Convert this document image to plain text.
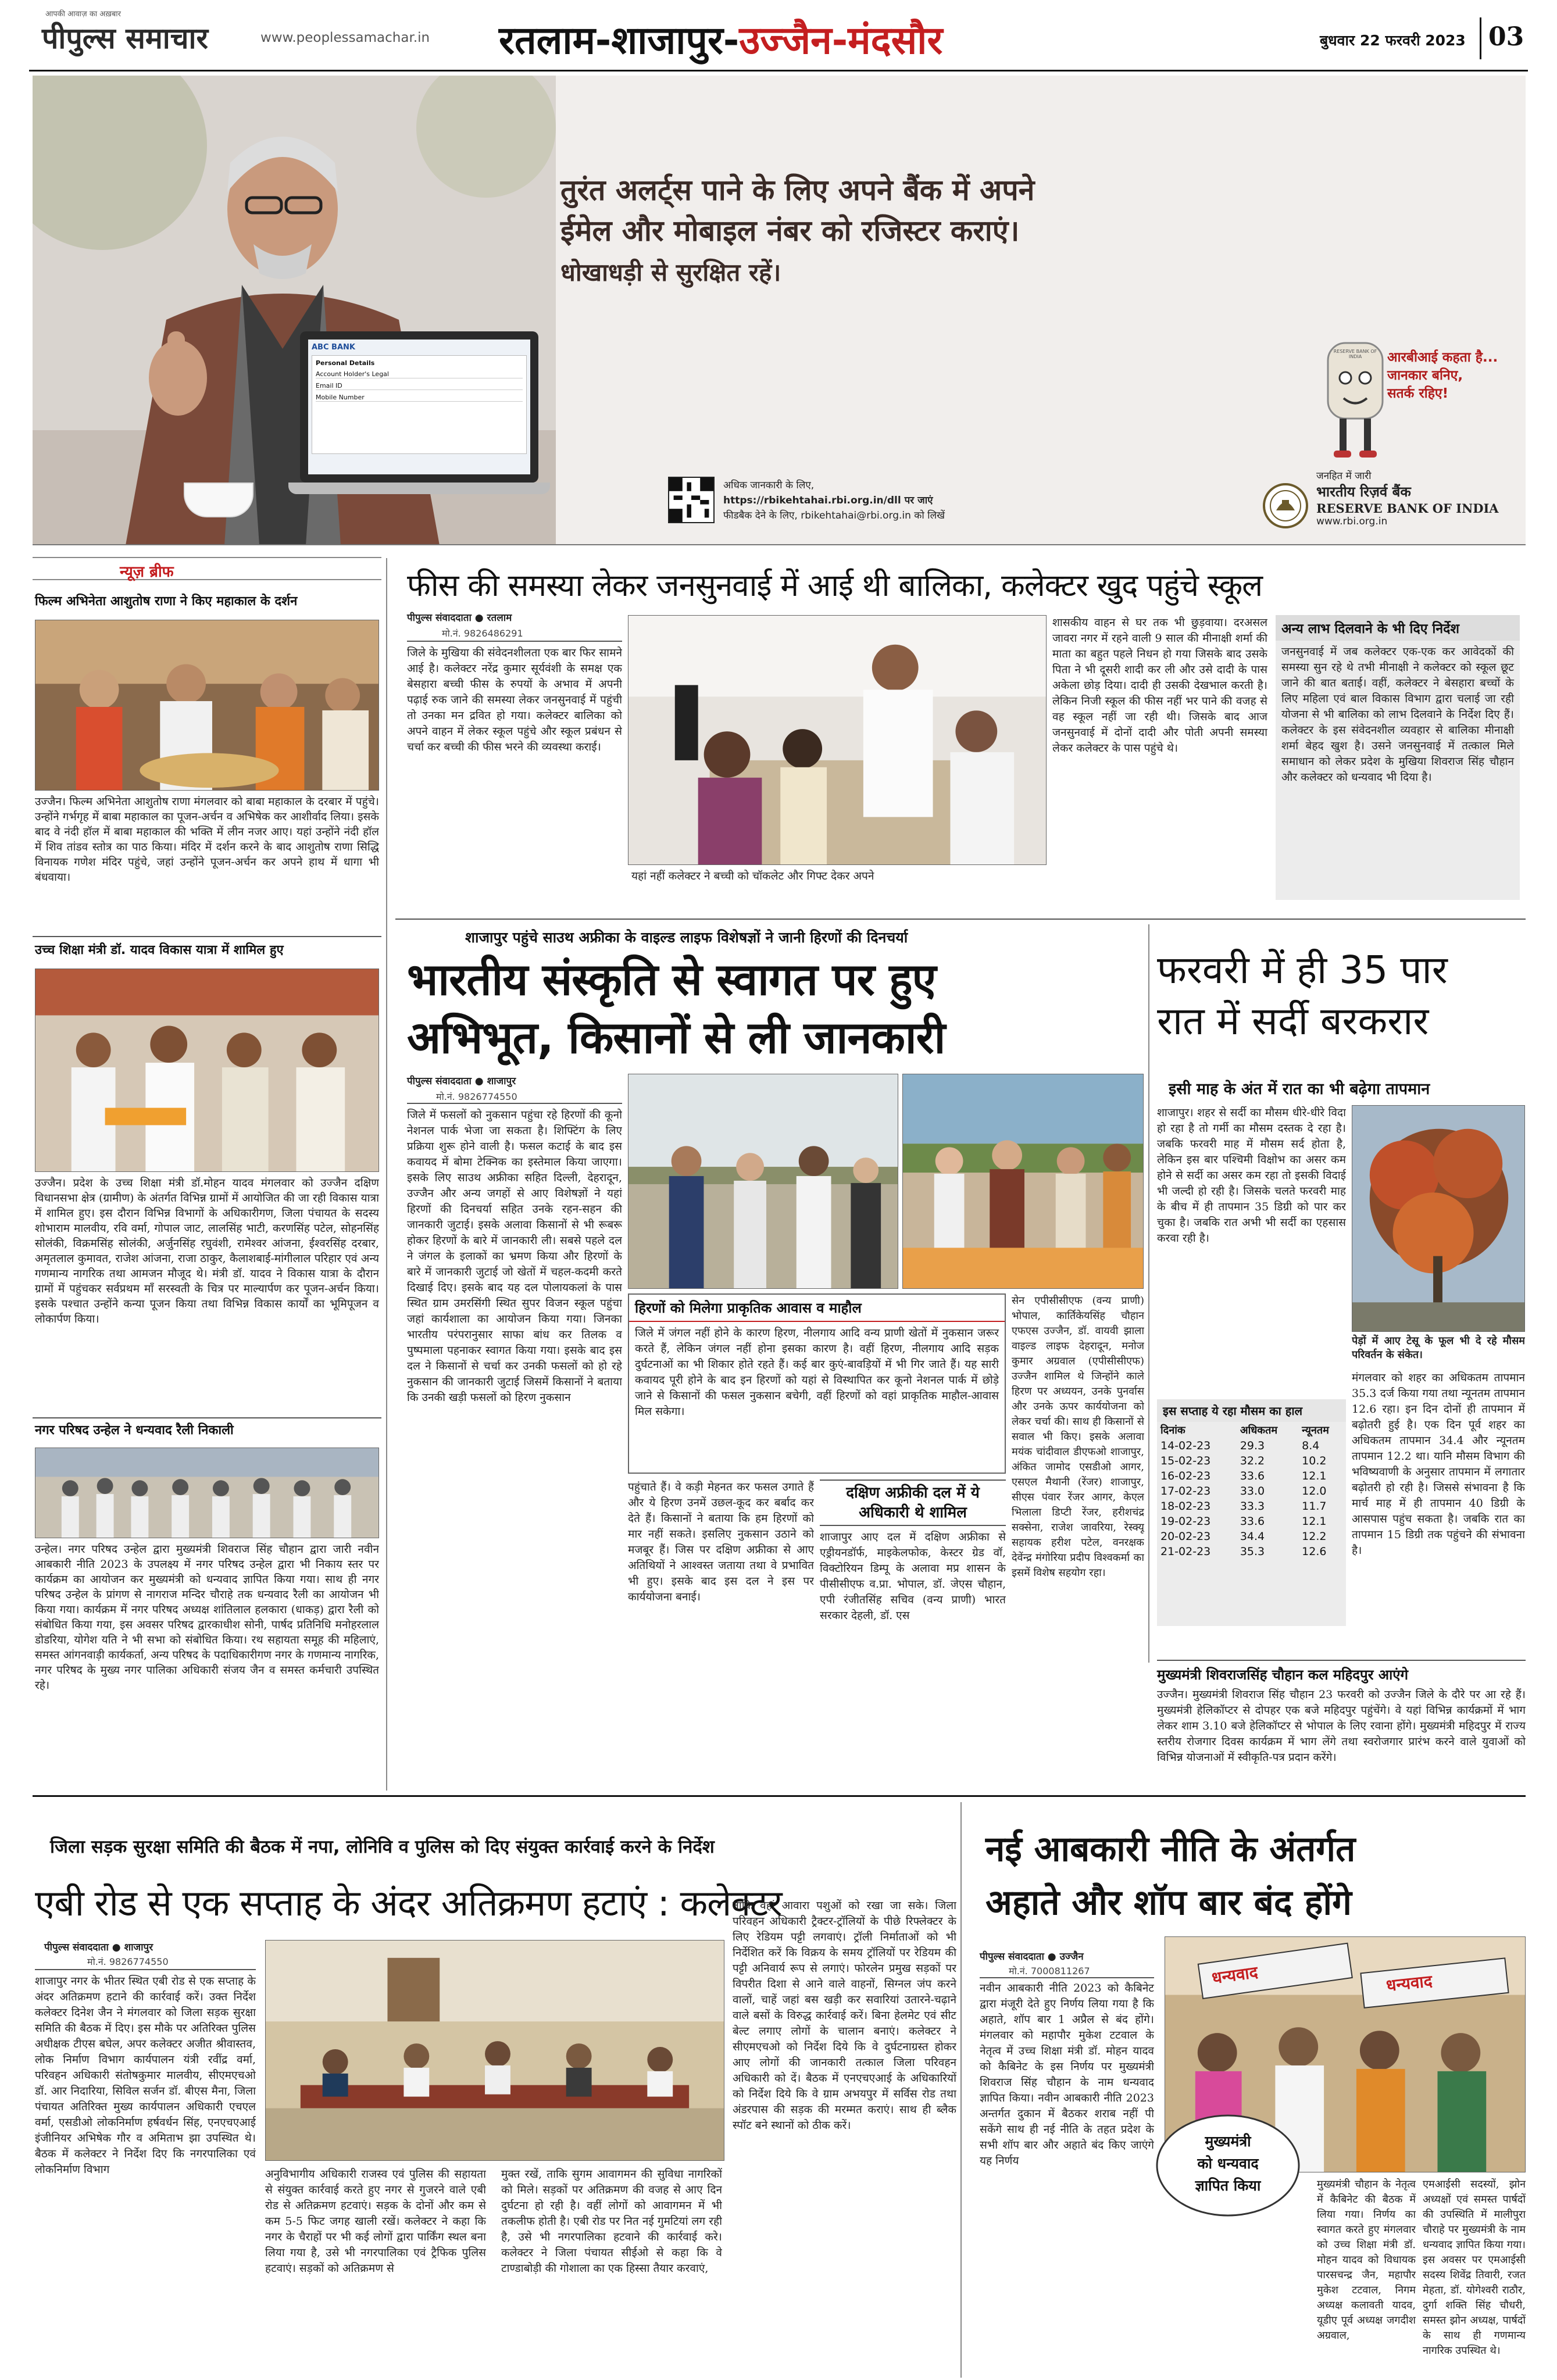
आपकी आवाज़ का अख़बार
पीपुल्स समाचार	www.peoplessamachar.in रतलाम-शाजापुर-उज्जैन-मंदसौर	बुधवार 22 फरवरी 2023 03
ABC BANK
Personal Details
Account Holder's Legal
Email ID
Mobile Number
तुरंत अलर्ट्स पाने के लिए अपने बैंक में अपने
ईमेल और मोबाइल नंबर को रजिस्टर कराएं।
धोखाधड़ी से सुरक्षित रहें।
RESERVE BANK OF INDIA	आरबीआई कहता है...
जानकार बनिए,
सतर्क रहिए!
अधिक जानकारी के लिए,
https://rbikehtahai.rbi.org.in/dll पर जाएं
फीडबैक देने के लिए, rbikehtahai@rbi.org.in को लिखें
जनहित में जारी
भारतीय रिज़र्व बैंक
RESERVE BANK OF INDIA
www.rbi.org.in
न्यूज़ ब्रीफ
फिल्म अभिनेता आशुतोष राणा ने किए महाकाल के दर्शन
उज्जैन। फिल्म अभिनेता आशुतोष राणा मंगलवार को बाबा महाकाल के दरबार में पहुंचे। उन्होंने गर्भगृह में बाबा महाकाल का पूजन-अर्चन व अभिषेक कर आशीर्वाद लिया। इसके बाद वे नंदी हॉल में बाबा महाकाल की भक्ति में लीन नजर आए। यहां उन्होंने नंदी हॉल में शिव तांडव स्तोत्र का पाठ किया। मंदिर में दर्शन करने के बाद आशुतोष राणा सिद्धि विनायक गणेश मंदिर पहुंचे, जहां उन्होंने पूजन-अर्चन कर अपने हाथ में धागा भी बंधवाया।
उच्च शिक्षा मंत्री डॉ. यादव विकास यात्रा में शामिल हुए
उज्जैन। प्रदेश के उच्च शिक्षा मंत्री डॉ.मोहन यादव मंगलवार को उज्जैन दक्षिण विधानसभा क्षेत्र (ग्रामीण) के अंतर्गत विभिन्न ग्रामों में आयोजित की जा रही विकास यात्रा में शामिल हुए। इस दौरान विभिन्न विभागों के अधिकारीगण, जिला पंचायत के सदस्य शोभाराम मालवीय, रवि वर्मा, गोपाल जाट, लालसिंह भाटी, करणसिंह पटेल, सोहनसिंह सोलंकी, विक्रमसिंह सोलंकी, अर्जुनसिंह रघुवंशी, रामेश्वर आंजना, ईश्वरसिंह दरबार, अमृतलाल कुमावत, राजेश आंजना, राजा ठाकुर, कैलाशबाई-मांगीलाल परिहार एवं अन्य गणमान्य नागरिक तथा आमजन मौजूद थे। मंत्री डॉ. यादव ने विकास यात्रा के दौरान ग्रामों में पहुंचकर सर्वप्रथम माँ सरस्वती के चित्र पर माल्यार्पण कर पूजन-अर्चन किया। इसके पश्चात उन्होंने कन्या पूजन किया तथा विभिन्न विकास कार्यों का भूमिपूजन व लोकार्पण किया।
नगर परिषद उन्हेल ने धन्यवाद रैली निकाली
उन्हेल। नगर परिषद उन्हेल द्वारा मुख्यमंत्री शिवराज सिंह चौहान द्वारा जारी नवीन आबकारी नीति 2023 के उपलक्ष्य में नगर परिषद उन्हेल द्वारा भी निकाय स्तर पर कार्यक्रम का आयोजन कर मुख्यमंत्री को धन्यवाद ज्ञापित किया गया। साथ ही नगर परिषद उन्हेल के प्रांगण से नागराज मन्दिर चौराहे तक धन्यवाद रैली का आयोजन भी किया गया। कार्यक्रम में नगर परिषद अध्यक्ष शांतिलाल हलकारा (धाकड़) द्वारा रैली को संबोधित किया गया, इस अवसर परिषद द्वारकाधीश सोनी, पार्षद प्रतिनिधि मनोहरलाल डोडरिया, योगेश यति ने भी सभा को संबोधित किया। रथ सहायता समूह की महिलाएं, समस्त आंगनवाड़ी कार्यकर्ता, अन्य परिषद के पदाधिकारीगण नगर के गणमान्य नागरिक, नगर परिषद के मुख्य नगर पालिका अधिकारी संजय जैन व समस्त कर्मचारी उपस्थित रहे।
फीस की समस्या लेकर जनसुनवाई में आई थी बालिका, कलेक्टर खुद पहुंचे स्कूल
पीपुल्स संवाददाता ● रतलाम
मो.नं. 9826486291
जिले के मुखिया की संवेदनशीलता एक बार फिर सामने आई है। कलेक्टर नरेंद्र कुमार सूर्यवंशी के समक्ष एक बेसहारा बच्ची फीस के रुपयों के अभाव में अपनी पढ़ाई रुक जाने की समस्या लेकर जनसुनवाई में पहुंची तो उनका मन द्रवित हो गया। कलेक्टर बालिका को अपने वाहन में लेकर स्कूल पहुंचे और स्कूल प्रबंधन से चर्चा कर बच्ची की फीस भरने की व्यवस्था कराई।
यहां नहीं कलेक्टर ने बच्ची को चॉकलेट और गिफ्ट देकर अपने
शासकीय वाहन से घर तक भी छुड़वाया। दरअसल जावरा नगर में रहने वाली 9 साल की मीनाक्षी शर्मा की माता का बहुत पहले निधन हो गया जिसके बाद उसके पिता ने भी दूसरी शादी कर ली और उसे दादी के पास अकेला छोड़ दिया। दादी ही उसकी देखभाल करती है। लेकिन निजी स्कूल की फीस नहीं भर पाने की वजह से वह स्कूल नहीं जा रही थी। जिसके बाद आज जनसुनवाई में दोनों दादी और पोती अपनी समस्या लेकर कलेक्टर के पास पहुंचे थे।
अन्य लाभ दिलवाने के भी दिए निर्देश
जनसुनवाई में जब कलेक्टर एक-एक कर आवेदकों की समस्या सुन रहे थे तभी मीनाक्षी ने कलेक्टर को स्कूल छूट जाने की बात बताई। वहीं, कलेक्टर ने बेसहारा बच्चों के लिए महिला एवं बाल विकास विभाग द्वारा चलाई जा रही योजना से भी बालिका को लाभ दिलवाने के निर्देश दिए हैं। कलेक्टर के इस संवेदनशील व्यवहार से बालिका मीनाक्षी शर्मा बेहद खुश है। उसने जनसुनवाई में तत्काल मिले समाधान को लेकर प्रदेश के मुखिया शिवराज सिंह चौहान और कलेक्टर को धन्यवाद भी दिया है।
शाजापुर पहुंचे साउथ अफ्रीका के वाइल्ड लाइफ विशेषज्ञों ने जानी हिरणों की दिनचर्या
भारतीय संस्कृति से स्वागत पर हुए
अभिभूत, किसानों से ली जानकारी
पीपुल्स संवाददाता ● शाजापुर
मो.नं. 9826774550
जिले में फसलों को नुकसान पहुंचा रहे हिरणों की कूनो नेशनल पार्क भेजा जा सकता है। शिफ्टिंग के लिए प्रक्रिया शुरू होने वाली है। फसल कटाई के बाद इस कवायद में बोमा टेक्निक का इस्तेमाल किया जाएगा। इसके लिए साउथ अफ्रीका सहित दिल्ली, देहरादून, उज्जैन और अन्य जगहों से आए विशेषज्ञों ने यहां हिरणों की दिनचर्या सहित उनके रहन-सहन की जानकारी जुटाई। इसके अलावा किसानों से भी रूबरू होकर हिरणों के बारे में जानकारी ली। सबसे पहले दल ने जंगल के इलाकों का भ्रमण किया और हिरणों के बारे में जानकारी जुटाई जो खेतों में चहल-कदमी करते दिखाई दिए। इसके बाद यह दल पोलायकलां के पास स्थित ग्राम उमरसिंगी स्थित सुपर विजन स्कूल पहुंचा जहां कार्यशाला का आयोजन किया गया। जिनका भारतीय परंपरानुसार साफा बांध कर तिलक व पुष्पमाला पहनाकर स्वागत किया गया। इसके बाद इस दल ने किसानों से चर्चा कर उनकी फसलों को हो रहे नुकसान की जानकारी जुटाई जिसमें किसानों ने बताया कि उनकी खड़ी फसलों को हिरण नुकसान
हिरणों को मिलेगा प्राकृतिक आवास व माहौल
जिले में जंगल नहीं होने के कारण हिरण, नीलगाय आदि वन्य प्राणी खेतों में नुकसान जरूर करते हैं, लेकिन जंगल नहीं होना इसका कारण है। वहीं हिरण, नीलगाय आदि सड़क दुर्घटनाओं का भी शिकार होते रहते हैं। कई बार कुएं-बावड़ियों में भी गिर जाते हैं। यह सारी कवायद पूरी होने के बाद इन हिरणों को यहां से विस्थापित कर कूनो नेशनल पार्क में छोड़े जाने से किसानों की फसल नुकसान बचेगी, वहीं हिरणों को वहां प्राकृतिक माहौल-आवास मिल सकेगा।
सेन एपीसीसीएफ (वन्य प्राणी) भोपाल, कार्तिकेयसिंह चौहान एफएस उज्जैन, डॉ. वायवी झाला वाइल्ड लाइफ देहरादून, मनोज कुमार अग्रवाल (एपीसीसीएफ) उज्जैन शामिल थे जिन्होंने काले हिरण पर अध्ययन, उनके पुनर्वास और उनके ऊपर कार्ययोजना को लेकर चर्चा की। साथ ही किसानों से सवाल भी किए। इसके अलावा मयंक चांदीवाल डीएफओ शाजापुर, अंकित जामोद एसडीओ आगर, एसएल मैथानी (रेंजर) शाजापुर, सीएस पंवार रेंजर आगर, केएल भिलाला डिप्टी रेंजर, हरीशचंद्र सक्सेना, राजेश जावरिया, रेस्क्यू सहायक हरीश पटेल, वनरक्षक देवेंन्द्र मंगोरिया प्रदीप विश्वकर्मा का इसमें विशेष सहयोग रहा।
पहुंचाते हैं। वे कड़ी मेहनत कर फसल उगाते हैं और ये हिरण उनमें उछल-कूद कर बर्बाद कर देते हैं। किसानों ने बताया कि हम हिरणों को मार नहीं सकते। इसलिए नुकसान उठाने को मजबूर हैं। जिस पर दक्षिण अफ्रीका से आए अतिथियों ने आश्वस्त जताया तथा वे प्रभावित भी हुए। इसके बाद इस दल ने इस पर कार्ययोजना बनाई।
दक्षिण अफ्रीकी दल में ये अधिकारी थे शामिल
शाजापुर आए दल में दक्षिण अफ्रीका से एड्रीयनडॉर्फ, माइकेलफोक, केस्टर ग्रेड वॉ, विक्टोरियन डिम्पू के अलावा मप्र शासन के पीसीसीएफ व.प्रा. भोपाल, डॉ. जेएस चौहान, एपी रंजीतसिंह सचिव (वन्य प्राणी) भारत सरकार देहली, डॉ. एस
फरवरी में ही 35 पार
रात में सर्दी बरकरार
इसी माह के अंत में रात का भी बढ़ेगा तापमान
शाजापुर। शहर से सर्दी का मौसम धीरे-धीरे विदा हो रहा है तो गर्मी का मौसम दस्तक दे रहा है। जबकि फरवरी माह में मौसम सर्द होता है, लेकिन इस बार पश्चिमी विक्षोभ का असर कम होने से सर्दी का असर कम रहा तो इसकी विदाई भी जल्दी हो रही है। जिसके चलते फरवरी माह के बीच में ही तापमान 35 डिग्री को पार कर चुका है। जबकि रात अभी भी सर्दी का एहसास करवा रही है।
पेड़ों में आए टेसू के फूल भी दे रहे मौसम परिवर्तन के संकेत।
मंगलवार को शहर का अधिकतम तापमान 35.3 दर्ज किया गया तथा न्यूनतम तापमान 12.6 रहा। इन दिन दोनों ही तापमान में बढ़ोतरी हुई है। एक दिन पूर्व शहर का अधिकतम तापमान 34.4 और न्यूनतम तापमान 12.2 था। यानि मौसम विभाग की भविष्यवाणी के अनुसार तापमान में लगातार बढ़ोतरी हो रही है। जिससे संभावना है कि मार्च माह में ही तापमान 40 डिग्री के आसपास पहुंच सकता है। जबकि रात का तापमान 15 डिग्री तक पहुंचने की संभावना है।
इस सप्ताह ये रहा मौसम का हाल
दिनांक	अधिकतम	न्यूनतम
14-02-23	29.3	8.4
15-02-23	32.2	10.2
16-02-23	33.6	12.1
17-02-23	33.0	12.0
18-02-23	33.3	11.7
19-02-23	33.6	12.1
20-02-23	34.4	12.2
21-02-23	35.3	12.6
मुख्यमंत्री शिवराजसिंह चौहान कल महिदपुर आएंगे
उज्जैन। मुख्यमंत्री शिवराज सिंह चौहान 23 फरवरी को उज्जैन जिले के दौरे पर आ रहे हैं। मुख्यमंत्री हेलिकॉप्टर से दोपहर एक बजे महिदपुर पहुंचेंगे। वे यहां विभिन्न कार्यक्रमों में भाग लेकर शाम 3.10 बजे हेलिकॉप्टर से भोपाल के लिए रवाना होंगे। मुख्यमंत्री महिदपुर में राज्य स्तरीय रोजगार दिवस कार्यक्रम में भाग लेंगे तथा स्वरोजगार प्रारंभ करने वाले युवाओं को विभिन्न योजनाओं में स्वीकृति-पत्र प्रदान करेंगे।
जिला सड़क सुरक्षा समिति की बैठक में नपा, लोनिवि व पुलिस को दिए संयुक्त कार्रवाई करने के निर्देश
एबी रोड से एक सप्ताह के अंदर अतिक्रमण हटाएं : कलेक्टर
पीपुल्स संवाददाता ● शाजापुर
मो.नं. 9826774550
शाजापुर नगर के भीतर स्थित एबी रोड से एक सप्ताह के अंदर अतिक्रमण हटाने की कार्रवाई करें। उक्त निर्देश कलेक्टर दिनेश जैन ने मंगलवार को जिला सड़क सुरक्षा समिति की बैठक में दिए। इस मौके पर अतिरिक्त पुलिस अधीक्षक टीएस बघेल, अपर कलेक्टर अजीत श्रीवास्तव, लोक निर्माण विभाग कार्यपालन यंत्री रवींद्र वर्मा, परिवहन अधिकारी संतोषकुमार मालवीय, सीएमएचओ डॉ. आर निदारिया, सिविल सर्जन डॉ. बीएस मैना, जिला पंचायत अतिरिक्त मुख्य कार्यपालन अधिकारी एचएल वर्मा, एसडीओ लोकनिर्माण हर्षवर्धन सिंह, एनएचएआई इंजीनियर अभिषेक गौर व अमिताभ झा उपस्थित थे। बैठक में कलेक्टर ने निर्देश दिए कि नगरपालिका एवं लोकनिर्माण विभाग	अनुविभागीय अधिकारी राजस्व एवं पुलिस की सहायता से संयुक्त कार्रवाई करते हुए नगर से गुजरने वाले एबी रोड से अतिक्रमण हटवाएं। सड़क के दोनों और कम से कम 5-5 फिट जगह खाली रखें। कलेक्टर ने कहा कि नगर के चैराहों पर भी कई लोगों द्वारा पार्किंग स्थल बना लिया गया है, उसे भी नगरपालिका एवं ट्रैफिक पुलिस हटवाएं। सड़कों को अतिक्रमण से
मुक्त रखें, ताकि सुगम आवागमन की सुविधा नागरिकों को मिले। सड़कों पर अतिक्रमण की वजह से आए दिन दुर्घटना हो रही है। वहीं लोगों को आवागमन में भी तकलीफ होती है। एबी रोड पर नित नई गुमटियां लग रही है, उसे भी नगरपालिका हटवाने की कार्रवाई करे। कलेक्टर ने जिला पंचायत सीईओ से कहा कि वे टाण्डाबोड़ी की गोशाला का एक हिस्सा तैयार करवाएं,
ताकि वहां आवारा पशुओं को रखा जा सके। जिला परिवहन अधिकारी ट्रैक्टर-ट्रॉलियों के पीछे रिफ्लेक्टर के लिए रेडियम पट्टी लगवाएं। ट्रॉली निर्माताओं को भी निर्देशित करें कि विक्रय के समय ट्रॉलियों पर रेडियम की पट्टी अनिवार्य रूप से लगाएं। फोरलेन प्रमुख सड़कों पर विपरीत दिशा से आने वाले वाहनों, सिग्नल जंप करने वालों, चाहें जहां बस खड़ी कर सवारियां उतारने-चढ़ाने वाले बसों के विरुद्ध कार्रवाई करें। बिना हेलमेट एवं सीट बेल्ट लगाए लोगों के चालान बनाएं। कलेक्टर ने सीएमएचओ को निर्देश दिये कि वे दुर्घटनाग्रस्त होकर आए लोगों की जानकारी तत्काल जिला परिवहन अधिकारी को दें। बैठक में एनएचएआई के अधिकारियों को निर्देश दिये कि वे ग्राम अभयपुर में सर्विस रोड तथा अंडरपास की सड़क की मरम्मत कराएं। साथ ही ब्लैक स्पॉट बने स्थानों को ठीक करें।
नई आबकारी नीति के अंतर्गत
अहाते और शॉप बार बंद होंगे
पीपुल्स संवाददाता ● उज्जैन
मो.नं. 7000811267
नवीन आबकारी नीति 2023 को कैबिनेट द्वारा मंजूरी देते हुए निर्णय लिया गया है कि अहाते, शॉप बार 1 अप्रैल से बंद होंगे। मंगलवार को महापौर मुकेश टटवाल के नेतृत्व में उच्च शिक्षा मंत्री डॉ. मोहन यादव को कैबिनेट के इस निर्णय पर मुख्यमंत्री शिवराज सिंह चौहान के नाम धन्यवाद ज्ञापित किया। नवीन आबकारी नीति 2023 अन्तर्गत दुकान में बैठकर शराब नहीं पी सकेंगे साथ ही नई नीति के तहत प्रदेश के सभी शॉप बार और अहाते बंद किए जाएंगे यह निर्णय
धन्यवाद	धन्यवाद
मुख्यमंत्री
को धन्यवाद
ज्ञापित किया	मुख्यमंत्री चौहान के नेतृत्व में कैबिनेट की बैठक में लिया गया। निर्णय का स्वागत करते हुए मंगलवार को उच्च शिक्षा मंत्री डॉ. मोहन यादव को विधायक पारसचन्द्र जैन, महापौर मुकेश टटवाल, निगम अध्यक्ष कलावती यादव, यूडीए पूर्व अध्यक्ष जगदीश अग्रवाल,
एमआईसी सदस्यों, झोन अध्यक्षों एवं समस्त पार्षदों की उपस्थिति में मालीपुरा चौराहे पर मुख्यमंत्री के नाम धन्यवाद ज्ञापित किया गया। इस अवसर पर एमआईसी सदस्य शिवेंद्र तिवारी, रजत मेहता, डॉ. योगेश्वरी राठौर, दुर्गा शक्ति सिंह चौधरी, समस्त झोन अध्यक्ष, पार्षदों के साथ ही गणमान्य नागरिक उपस्थित थे।
